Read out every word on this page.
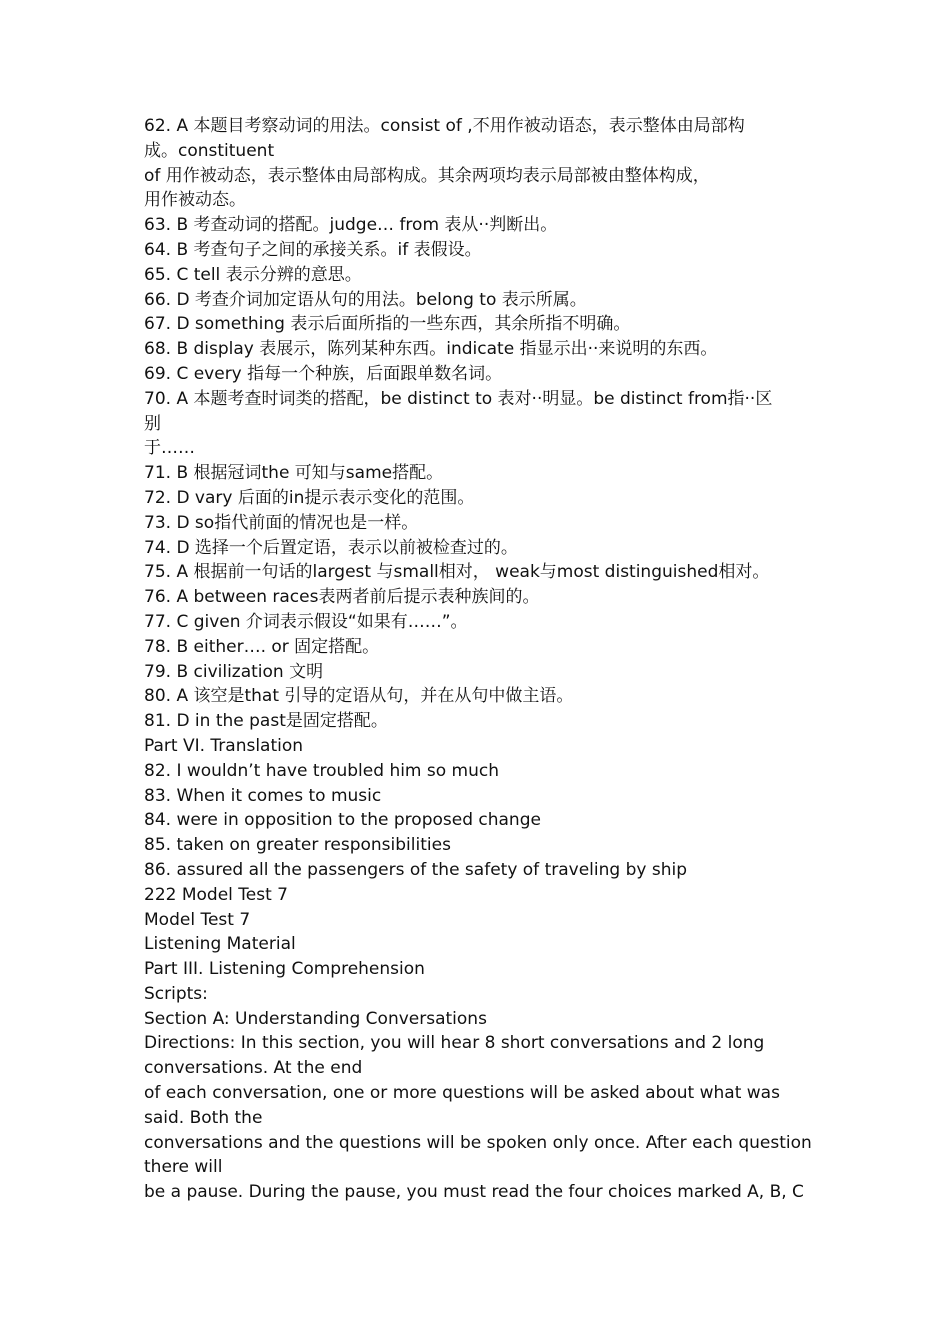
62. A 本题目考察动词的用法。consist of ,不用作被动语态，表示整体由局部构
成。constituent
of 用作被动态，表示整体由局部构成。其余两项均表示局部被由整体构成，
用作被动态。
63. B 考查动词的搭配。judge… from 表从··判断出。
64. B 考查句子之间的承接关系。if 表假设。
65. C tell 表示分辨的意思。
66. D 考查介词加定语从句的用法。belong to 表示所属。
67. D something 表示后面所指的一些东西，其余所指不明确。
68. B display 表展示，陈列某种东西。indicate 指显示出··来说明的东西。
69. C every 指每一个种族，后面跟单数名词。
70. A 本题考查时词类的搭配，be distinct to 表对··明显。be distinct from指··区
别
于……
71. B 根据冠词the 可知与same搭配。
72. D vary 后面的in提示表示变化的范围。
73. D so指代前面的情况也是一样。
74. D 选择一个后置定语，表示以前被检查过的。
75. A 根据前一句话的largest 与small相对， weak与most distinguished相对。
76. A between races表两者前后提示表种族间的。
77. C given 介词表示假设“如果有……”。
78. B either…. or 固定搭配。
79. B civilization 文明
80. A 该空是that 引导的定语从句，并在从句中做主语。
81. D in the past是固定搭配。
Part VI. Translation
82. I wouldn’t have troubled him so much
83. When it comes to music
84. were in opposition to the proposed change
85. taken on greater responsibilities
86. assured all the passengers of the safety of traveling by ship
222 Model Test 7
Model Test 7
Listening Material
Part III. Listening Comprehension
Scripts:
Section A: Understanding Conversations
Directions: In this section, you will hear 8 short conversations and 2 long
conversations. At the end
of each conversation, one or more questions will be asked about what was
said. Both the
conversations and the questions will be spoken only once. After each question
there will
be a pause. During the pause, you must read the four choices marked A, B, C
